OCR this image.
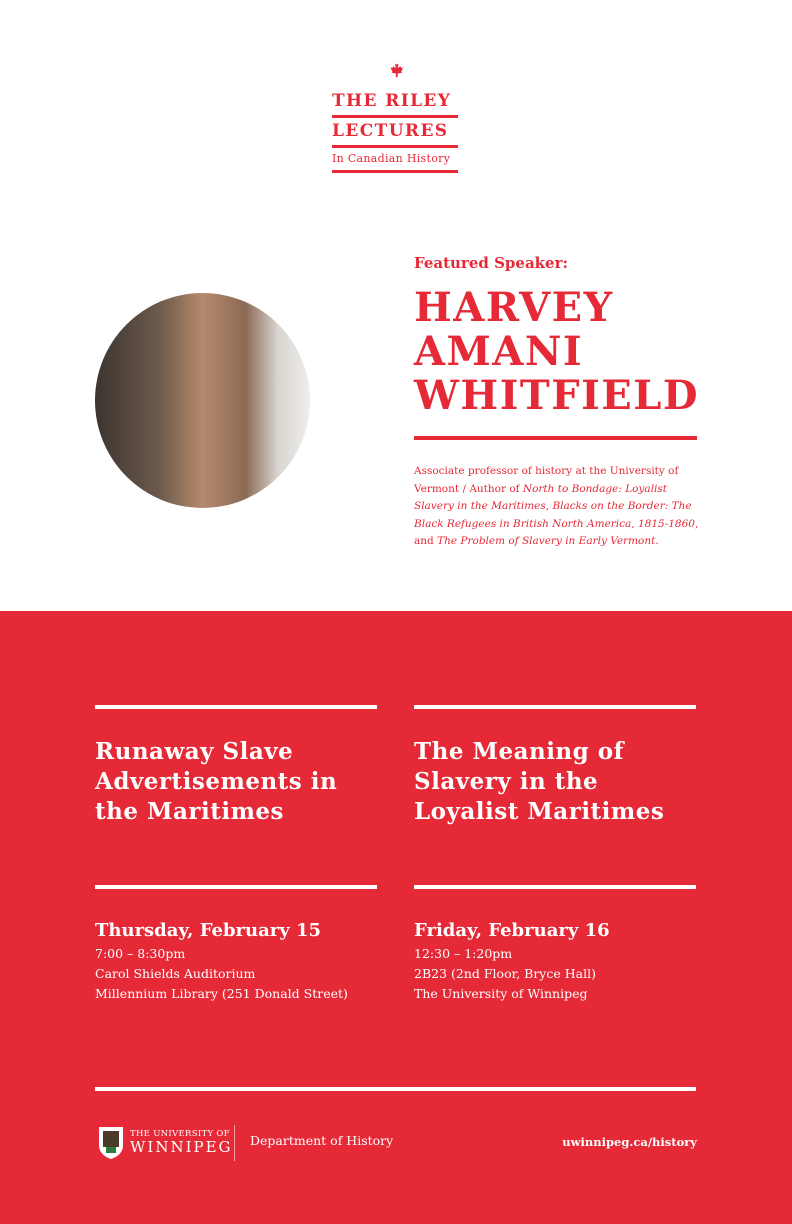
THE RILEY
LECTURES
In Canadian History
Featured Speaker:
HARVEY
AMANI
WHITFIELD
Associate professor of history at the University of Vermont / Author of North to Bondage: Loyalist Slavery in the Maritimes, Blacks on the Border: The Black Refugees in British North America, 1815-1860, and The Problem of Slavery in Early Vermont.
Runaway Slave Advertisements in the Maritimes
The Meaning of Slavery in the Loyalist Maritimes
Thursday, February 15
7:00 – 8:30pm
Carol Shields Auditorium
Millennium Library (251 Donald Street)
Friday, February 16
12:30 – 1:20pm
2B23 (2nd Floor, Bryce Hall)
The University of Winnipeg
THE UNIVERSITY OF
WINNIPEG Department of History	uwinnipeg.ca/history
